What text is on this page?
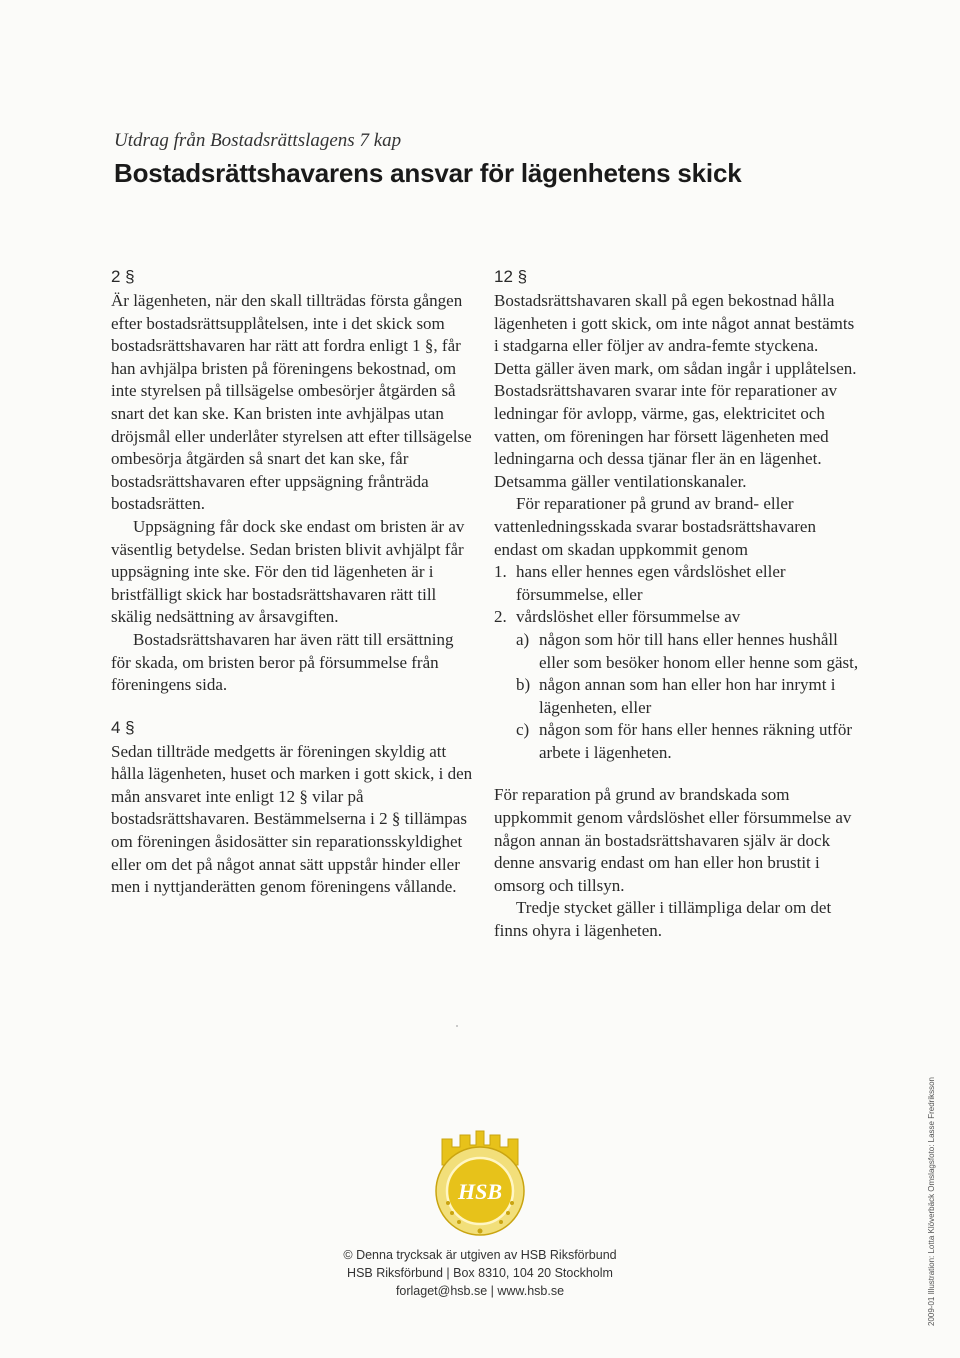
Utdrag från Bostadsrättslagens 7 kap
Bostadsrättshavarens ansvar för lägenhetens skick
2 §

Är lägenheten, när den skall tillträdas första gången efter bostadsrättsupplåtelsen, inte i det skick som bostadsrättshavaren har rätt att fordra enligt 1 §, får han avhjälpa bristen på föreningens bekostnad, om inte styrelsen på tillsägelse ombesörjer åtgärden så snart det kan ske. Kan bristen inte avhjälpas utan dröjsmål eller underlåter styrelsen att efter tillsägelse ombesörja åtgärden så snart det kan ske, får bostadsrättshavaren efter uppsägning frånträda bostadsrätten.

Uppsägning får dock ske endast om bristen är av väsentlig betydelse. Sedan bristen blivit avhjälpt får uppsägning inte ske. För den tid lägenheten är i bristfälligt skick har bostadsrättshavaren rätt till skälig nedsättning av årsavgiften.

Bostadsrättshavaren har även rätt till ersättning för skada, om bristen beror på försummelse från föreningens sida.

4 §

Sedan tillträde medgetts är föreningen skyldig att hålla lägenheten, huset och marken i gott skick, i den mån ansvaret inte enligt 12 § vilar på bostadsrättshavaren. Bestämmelserna i 2 § tillämpas om föreningen åsidosätter sin reparationsskyldighet eller om det på något annat sätt uppstår hinder eller men i nyttjanderätten genom föreningens vållande.

12 §

Bostadsrättshavaren skall på egen bekostnad hålla lägenheten i gott skick, om inte något annat bestämts i stadgarna eller följer av andra-femte styckena. Detta gäller även mark, om sådan ingår i upplåtelsen. Bostadsrättshavaren svarar inte för reparationer av ledningar för avlopp, värme, gas, elektricitet och vatten, om föreningen har försett lägenheten med ledningarna och dessa tjänar fler än en lägenhet. Detsamma gäller ventilationskanaler.

För reparationer på grund av brand- eller vattenledningsskada svarar bostadsrättshavaren endast om skadan uppkommit genom

1. hans eller hennes egen vårdslöshet eller försummelse, eller
2. vårdslöshet eller försummelse av
a) någon som hör till hans eller hennes hushåll eller som besöker honom eller henne som gäst,
b) någon annan som han eller hon har inrymt i lägenheten, eller
c) någon som för hans eller hennes räkning utför arbete i lägenheten.

För reparation på grund av brandskada som uppkommit genom vårdslöshet eller försummelse av någon annan än bostadsrättshavaren själv är dock denne ansvarig endast om han eller hon brustit i omsorg och tillsyn.

Tredje stycket gäller i tillämpliga delar om det finns ohyra i lägenheten.

HSB
© Denna trycksak är utgiven av HSB Riksförbund
HSB Riksförbund | Box 8310, 104 20 Stockholm
forlaget@hsb.se | www.hsb.se	2009-01 Illustration: Lotta Klöverbäck Omslagsfoto: Lasse Fredriksson
